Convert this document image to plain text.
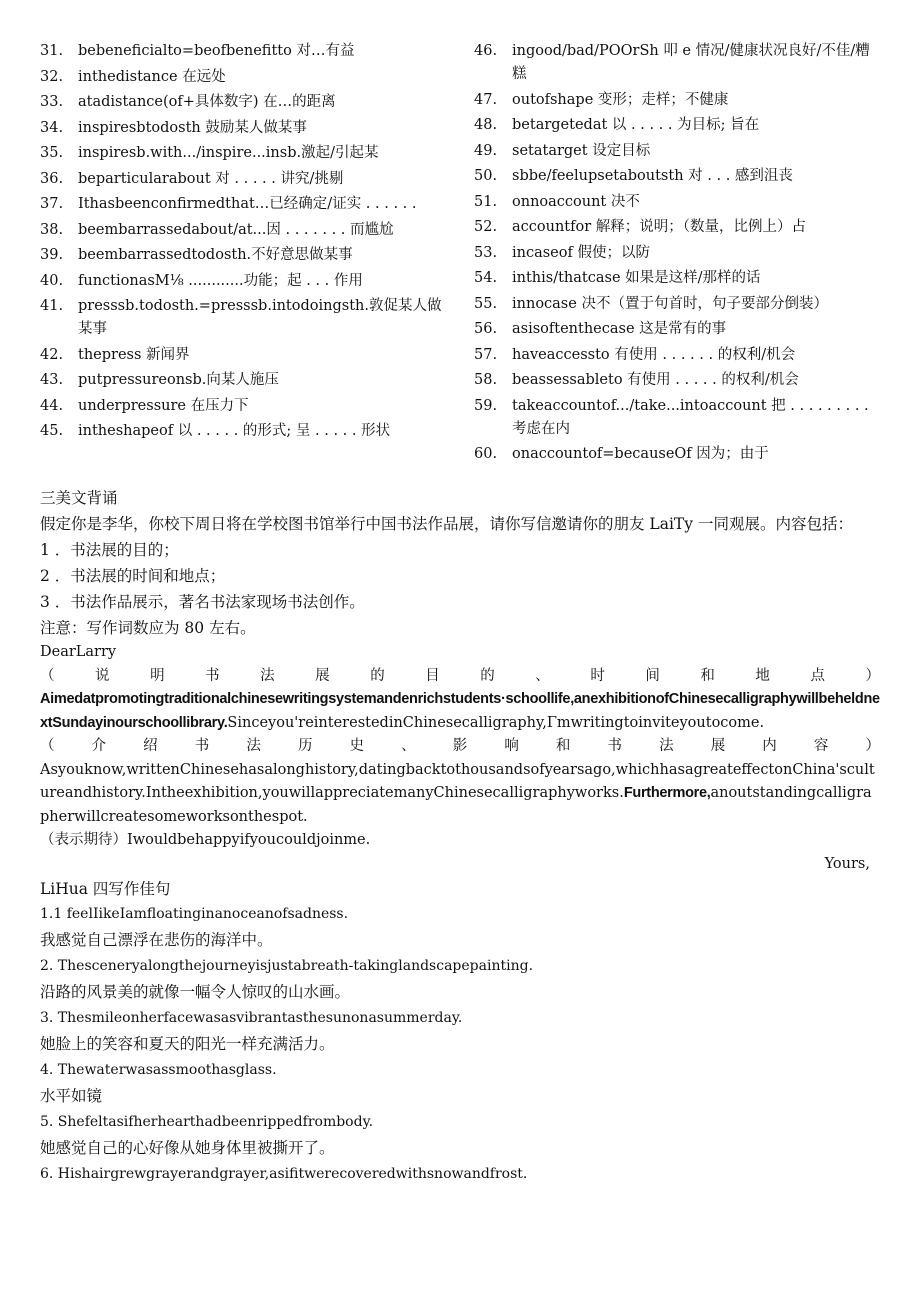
31.	bebeneficialto=beofbenefitto 对…有益
32.	inthedistance 在远处
33.	atadistance(of+具体数字) 在…的距离
34.	inspiresbtodosth 鼓励某人做某事
35.	inspiresb.with.../inspire...insb.激起/引起某
36.	beparticularabout 对 . . . . . 讲究/挑剔
37.	Ithasbeenconfirmedthat…已经确定/证实 . . . . . .
38.	beembarrassedabout/at...因 . . . . . . . 而尴尬
39.	beembarrassedtodosth.不好意思做某事
40.	functionasM⅛ ............功能；起 . . . 作用
41.	presssb.todosth.=presssb.intodoingsth.敦促某人做某事
42.	thepress 新闻界
43.	putpressureonsb.向某人施压
44.	underpressure 在压力下
45.	intheshapeof 以 . . . . . 的形式; 呈 . . . . . 形状
46.	ingood/bad/POOrSh 叩 e 情况/健康状况良好/不佳/糟糕
47.	outofshape 变形；走样；不健康
48.	betargetedat 以 . . . . . 为目标; 旨在
49.	setatarget 设定目标
50.	sbbe/feelupsetaboutsth 对 . . . 感到沮丧
51.	onnoaccount 决不
52.	accountfor 解释；说明；（数量，比例上）占
53.	incaseof 假使；以防
54.	inthis/thatcase 如果是这样/那样的话
55.	innocase 决不（置于句首时，句子要部分倒装）
56.	asisoftenthecase 这是常有的事
57.	haveaccessto 有使用 . . . . . . 的权利/机会
58.	beassessableto 有使用 . . . . . 的权利/机会
59.	takeaccountof.../take...intoaccount 把 . . . . . . . . . 考虑在内
60.	onaccountof=becauseOf 因为；由于
三美文背诵
假定你是李华，你校下周日将在学校图书馆举行中国书法作品展，请你写信邀请你的朋友 LaiTy 一同观展。内容包括：
1 ．书法展的目的；
2 ．书法展的时间和地点；
3 ．书法作品展示，著名书法家现场书法创作。
注意：写作词数应为 80 左右。
DearLarry
（说明书法展的目的、时间和地点）
Aimedatpromotingtraditionalchinesewritingsystemandenrichstudents·schoollife,anexhibitionofChinesecalligraphywillbeheldnextSundayinourschoollibrary.Sinceyou'reinterestedinChinesecalligraphy,Γmwritingtoinviteyoutocome.
（介绍书法历史、影响和书法展内容）
Asyouknow,writtenChinesehasalonghistory,datingbacktothousandsofyearsago,whichhasagreateffectonChina'scultureandhistory.Intheexhibition,youwillappreciatemanyChinesecalligraphyworks.Furthermore,anoutstandingcalligrapherwillcreatesomeworksonthespot.
（表示期待）Iwouldbehappyifyoucouldjoinme.
Yours,
LiHua 四写作佳句
1.1 feelIikeIamfloatinginanoceanofsadness.
我感觉自己漂浮在悲伤的海洋中。
2. Thesceneryalongthejourneyisjustabreath-takinglandscapepainting.
沿路的风景美的就像一幅令人惊叹的山水画。
3. Thesmileonherfacewasasvibrantasthesunonasummerday.
她脸上的笑容和夏天的阳光一样充满活力。
4. Thewaterwasassmoothasglass.
水平如镜
5. Shefeltasifherhearthadbeenrippedfrombody.
她感觉自己的心好像从她身体里被撕开了。
6. Hishairgrewgrayerandgrayer,asifitwerecoveredwithsnowandfrost.
